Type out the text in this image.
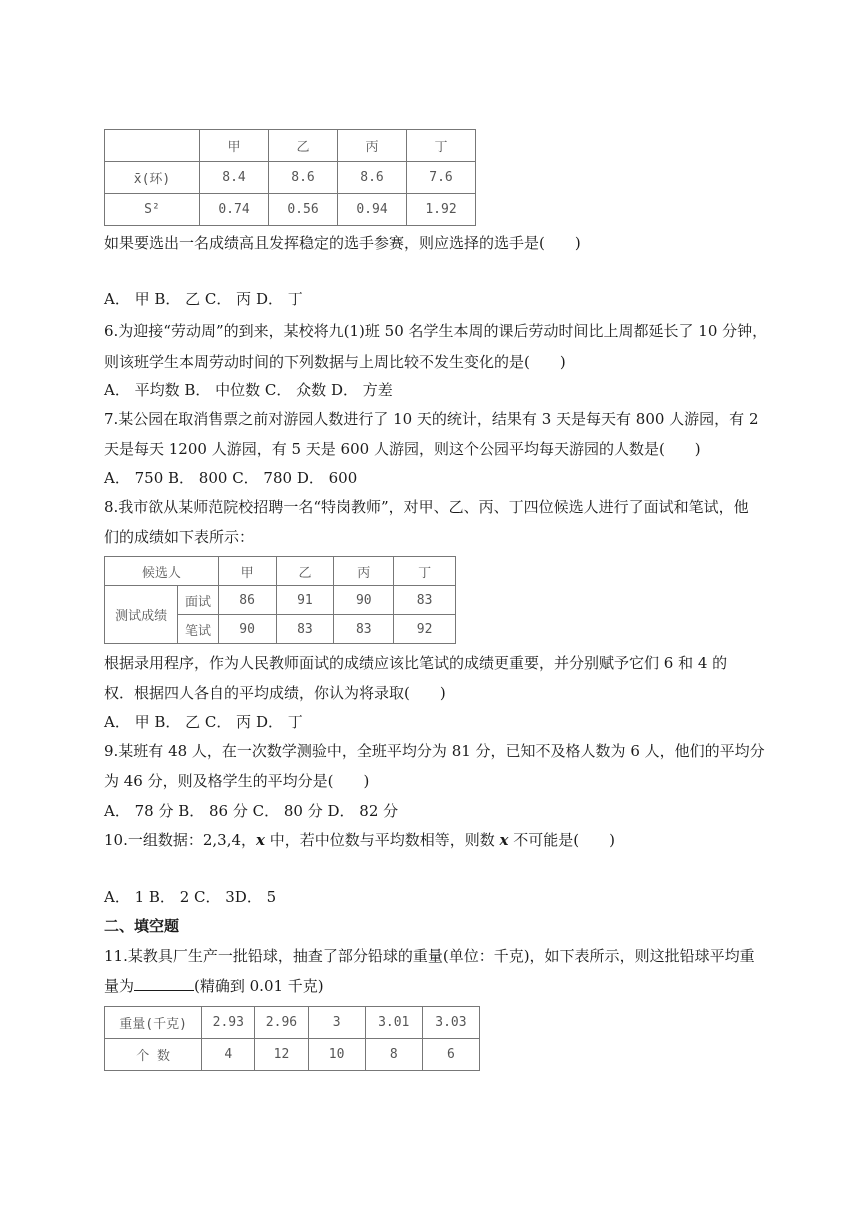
	甲	乙	丙	丁
x̄(环)	8.4	8.6	8.6	7.6
S²	0.74	0.56	0.94	1.92
如果要选出一名成绩高且发挥稳定的选手参赛，则应选择的选手是(　　)
A． 甲 B． 乙 C． 丙 D． 丁
6.为迎接“劳动周”的到来，某校将九(1)班 50 名学生本周的课后劳动时间比上周都延长了 10 分钟，
则该班学生本周劳动时间的下列数据与上周比较不发生变化的是(　　)
A． 平均数 B． 中位数 C． 众数 D． 方差
7.某公园在取消售票之前对游园人数进行了 10 天的统计，结果有 3 天是每天有 800 人游园，有 2
天是每天 1200 人游园，有 5 天是 600 人游园，则这个公园平均每天游园的人数是(　　)
A． 750 B． 800 C． 780 D． 600
8.我市欲从某师范院校招聘一名“特岗教师”，对甲、乙、丙、丁四位候选人进行了面试和笔试，他
们的成绩如下表所示：
候选人		甲	乙	丙	丁
测试成绩	面试	86	91	90	83
	笔试	90	83	83	92
根据录用程序，作为人民教师面试的成绩应该比笔试的成绩更重要，并分别赋予它们 6 和 4 的
权．根据四人各自的平均成绩，你认为将录取(　　)
A． 甲 B． 乙 C． 丙 D． 丁
9.某班有 48 人，在一次数学测验中，全班平均分为 81 分，已知不及格人数为 6 人，他们的平均分
为 46 分，则及格学生的平均分是(　　)
A． 78 分 B． 86 分 C． 80 分 D． 82 分
10.一组数据：2,3,4，x 中，若中位数与平均数相等，则数 x 不可能是(　　)
A． 1 B． 2 C． 3D． 5
二、填空题
11.某教具厂生产一批铅球，抽查了部分铅球的重量(单位：千克)，如下表所示，则这批铅球平均重
量为	(精确到 0.01 千克)
重量(千克)	2.93	2.96	3	3.01	3.03
个 数	4	12	10	8	6
